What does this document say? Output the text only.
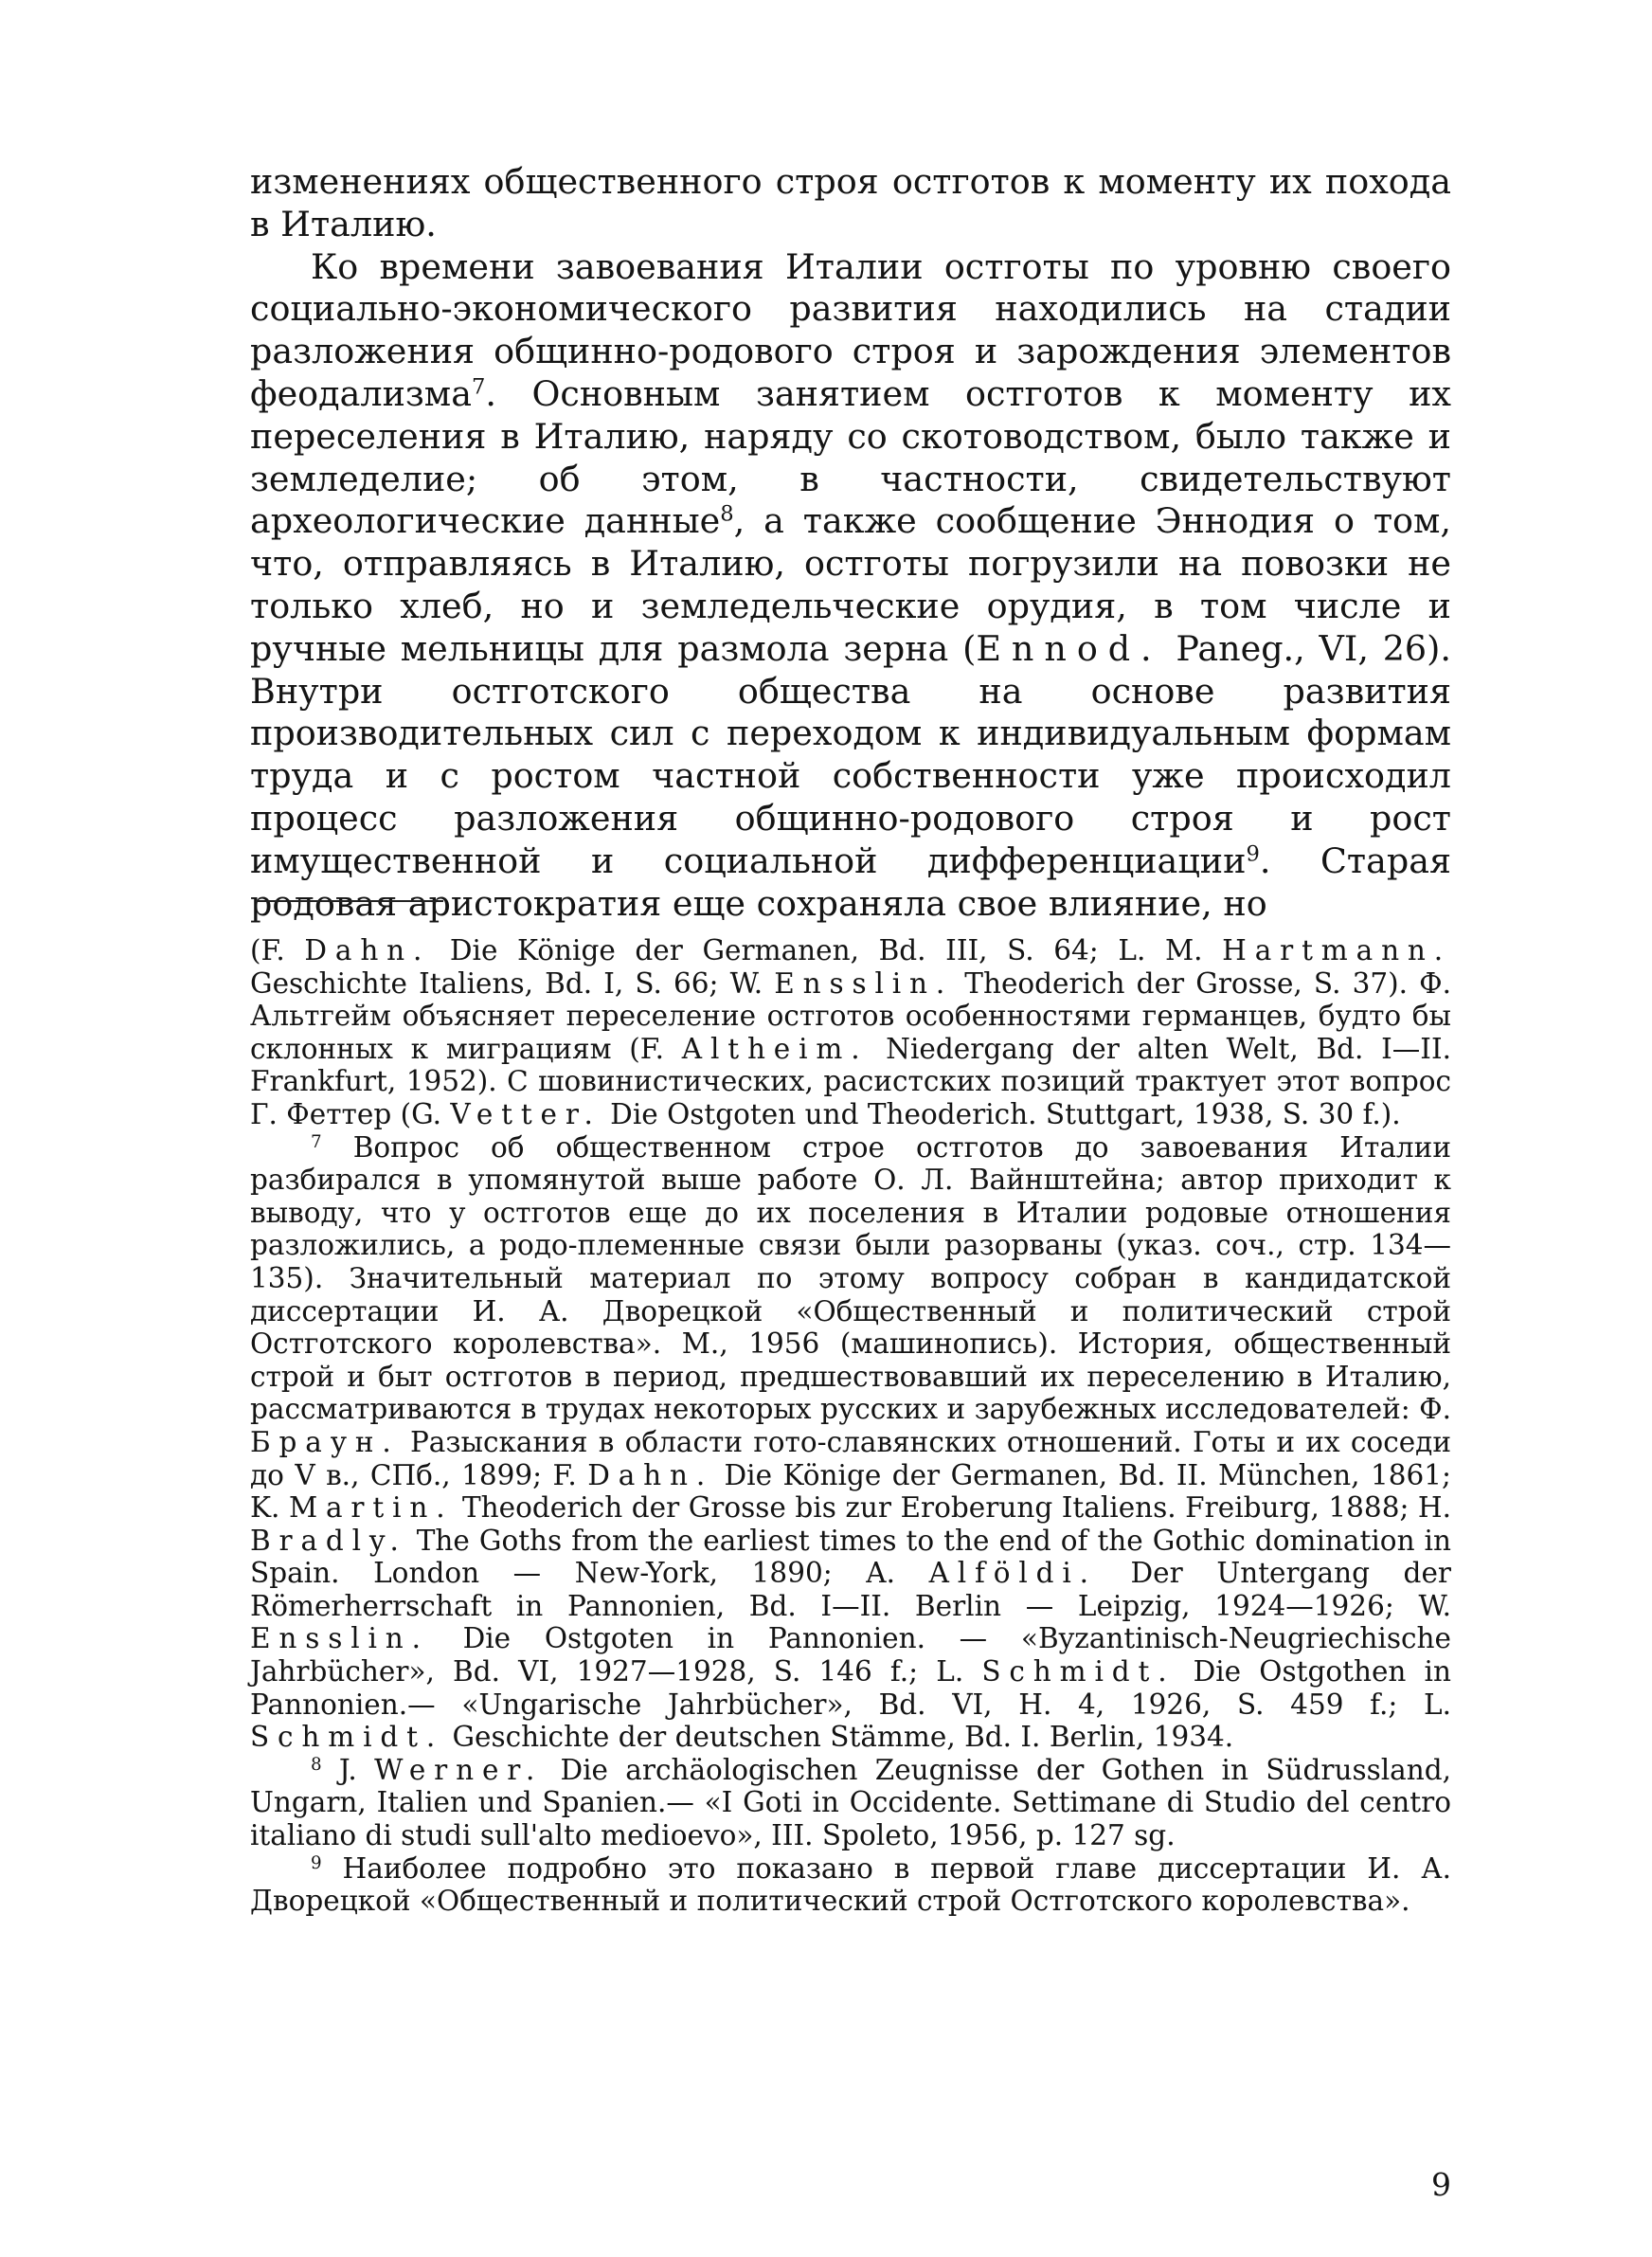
изменениях общественного строя остготов к моменту их похода в Италию.

Ко времени завоевания Италии остготы по уровню своего социально-экономического развития находились на стадии разложения общинно-родового строя и зарождения элементов феодализма$^7$. Основным занятием остготов к моменту их переселения в Италию, наряду со скотоводством, было также и земледелие; об этом, в частности, свидетельствуют археологические данные$^8$, а также сообщение Эннодия о том, что, отправляясь в Италию, остготы погрузили на повозки не только хлеб, но и земледельческие орудия, в том числе и ручные мельницы для размола зерна (Ennod. Paneg., VI, 26). Внутри остготского общества на основе развития производительных сил с переходом к индивидуальным формам труда и с ростом частной собственности уже происходил процесс разложения общинно-родового строя и рост имущественной и социальной дифференциации$^9$. Старая родовая аристократия еще сохраняла свое влияние, но

(F. Dahn. Die Könige der Germanen, Bd. III, S. 64; L. M. Hartmann. Geschichte Italiens, Bd. I, S. 66; W. Ensslin. Theoderich der Grosse, S. 37). Ф. Альтгейм объясняет переселение остготов особенностями германцев, будто бы склонных к миграциям (F. Altheim. Niedergang der alten Welt, Bd. I—II. Frankfurt, 1952). С шовинистических, расистских позиций трактует этот вопрос Г. Феттер (G. Vetter. Die Ostgoten und Theoderich. Stuttgart, 1938, S. 30 f.).

$^7$ Вопрос об общественном строе остготов до завоевания Италии разбирался в упомянутой выше работе О. Л. Вайнштейна; автор приходит к выводу, что у остготов еще до их поселения в Италии родовые отношения разложились, а родо-племенные связи были разорваны (указ. соч., стр. 134—135). Значительный материал по этому вопросу собран в кандидатской диссертации И. А. Дворецкой «Общественный и политический строй Остготского королевства». М., 1956 (машинопись). История, общественный строй и быт остготов в период, предшествовавший их переселению в Италию, рассматриваются в трудах некоторых русских и зарубежных исследователей: Ф. Браун. Разыскания в области гото-славянских отношений. Готы и их соседи до V в., СПб., 1899; F. Dahn. Die Könige der Germanen, Bd. II. München, 1861; K. Martin. Theoderich der Grosse bis zur Eroberung Italiens. Freiburg, 1888; H. Bradly. The Goths from the earliest times to the end of the Gothic domination in Spain. London — New-York, 1890; A. Alföldi. Der Untergang der Römerherrschaft in Pannonien, Bd. I—II. Berlin — Leipzig, 1924—1926; W. Ensslin. Die Ostgoten in Pannonien. — «Byzantinisch-Neugriechische Jahrbücher», Bd. VI, 1927—1928, S. 146 f.; L. Schmidt. Die Ostgothen in Pannonien.— «Ungarische Jahrbücher», Bd. VI, H. 4, 1926, S. 459 f.; L. Schmidt. Geschichte der deutschen Stämme, Bd. I. Berlin, 1934.

$^8$ J. Werner. Die archäologischen Zeugnisse der Gothen in Südrussland, Ungarn, Italien und Spanien.— «I Goti in Occidente. Settimane di Studio del centro italiano di studi sull'alto medioevo», III. Spoleto, 1956, p. 127 sg.

$^9$ Наиболее подробно это показано в первой главе диссертации И. А. Дворецкой «Общественный и политический строй Остготского королевства».

9
